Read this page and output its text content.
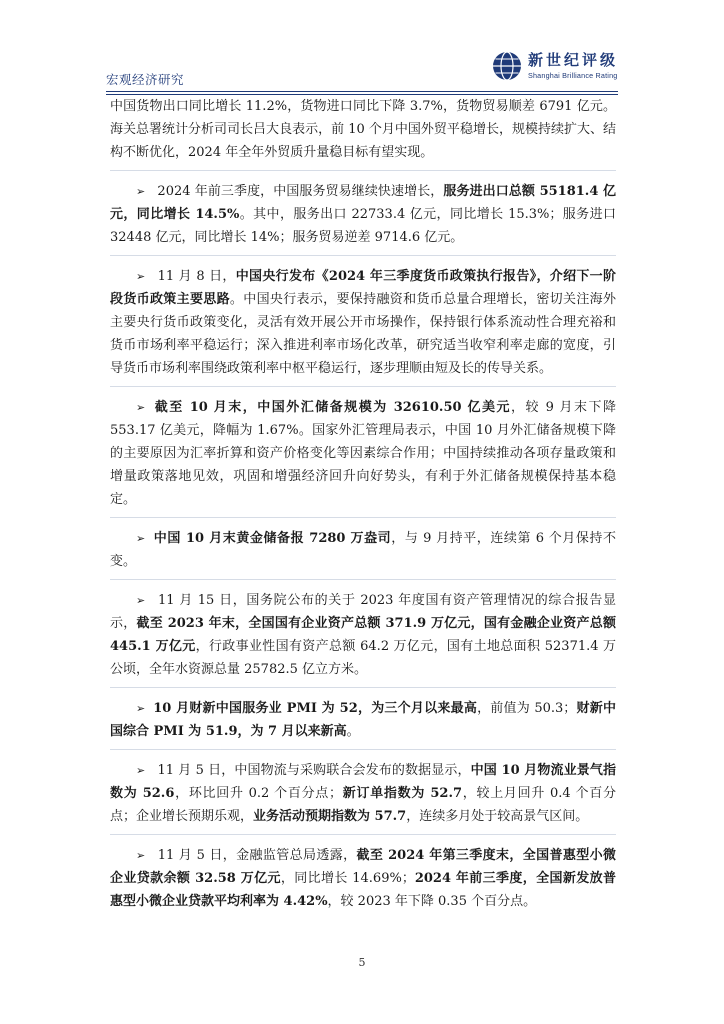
宏观经济研究
新世纪评级
Shanghai Brilliance Rating

中国货物出口同比增长 11.2%，货物进口同比下降 3.7%，货物贸易顺差 6791 亿元。海关总署统计分析司司长吕大良表示，前 10 个月中国外贸平稳增长，规模持续扩大、结构不断优化，2024 年全年外贸质升量稳目标有望实现。

➢ 2024 年前三季度，中国服务贸易继续快速增长，服务进出口总额 55181.4 亿元，同比增长 14.5%。其中，服务出口 22733.4 亿元，同比增长 15.3%；服务进口 32448 亿元，同比增长 14%；服务贸易逆差 9714.6 亿元。

➢ 11 月 8 日，中国央行发布《2024 年三季度货币政策执行报告》，介绍下一阶段货币政策主要思路。中国央行表示，要保持融资和货币总量合理增长，密切关注海外主要央行货币政策变化，灵活有效开展公开市场操作，保持银行体系流动性合理充裕和货币市场利率平稳运行；深入推进利率市场化改革，研究适当收窄利率走廊的宽度，引导货币市场利率围绕政策利率中枢平稳运行，逐步理顺由短及长的传导关系。

➢ 截至 10 月末，中国外汇储备规模为 32610.50 亿美元，较 9 月末下降 553.17 亿美元，降幅为 1.67%。国家外汇管理局表示，中国 10 月外汇储备规模下降的主要原因为汇率折算和资产价格变化等因素综合作用；中国持续推动各项存量政策和增量政策落地见效，巩固和增强经济回升向好势头，有利于外汇储备规模保持基本稳定。

➢ 中国 10 月末黄金储备报 7280 万盎司，与 9 月持平，连续第 6 个月保持不变。

➢ 11 月 15 日，国务院公布的关于 2023 年度国有资产管理情况的综合报告显示，截至 2023 年末，全国国有企业资产总额 371.9 万亿元，国有金融企业资产总额 445.1 万亿元，行政事业性国有资产总额 64.2 万亿元，国有土地总面积 52371.4 万公顷，全年水资源总量 25782.5 亿立方米。

➢ 10 月财新中国服务业 PMI 为 52，为三个月以来最高，前值为 50.3；财新中国综合 PMI 为 51.9，为 7 月以来新高。

➢ 11 月 5 日，中国物流与采购联合会发布的数据显示，中国 10 月物流业景气指数为 52.6，环比回升 0.2 个百分点；新订单指数为 52.7，较上月回升 0.4 个百分点；企业增长预期乐观，业务活动预期指数为 57.7，连续多月处于较高景气区间。

➢ 11 月 5 日，金融监管总局透露，截至 2024 年第三季度末，全国普惠型小微企业贷款余额 32.58 万亿元，同比增长 14.69%；2024 年前三季度，全国新发放普惠型小微企业贷款平均利率为 4.42%，较 2023 年下降 0.35 个百分点。

5
